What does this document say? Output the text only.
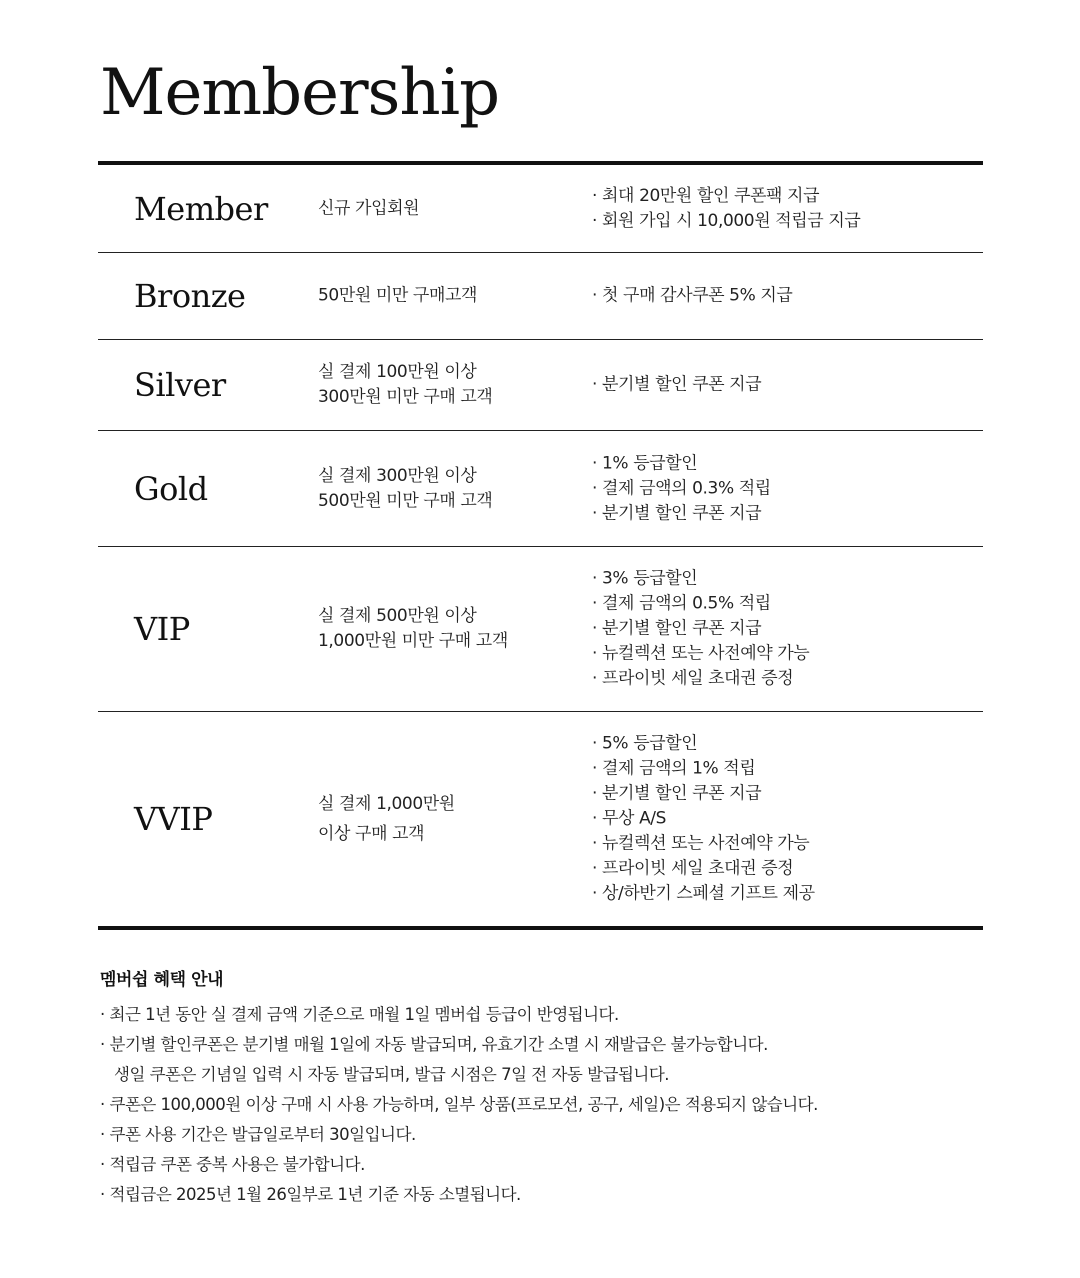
Membership
Member	신규 가입회원
· 최대 20만원 할인 쿠폰팩 지급
· 회원 가입 시 10,000원 적립금 지급
Bronze	50만원 미만 구매고객
·	첫 구매 감사쿠폰 5% 지급
Silver	실 결제 100만원 이상
300만원 미만 구매 고객
· 분기별 할인 쿠폰 지급
Gold	실 결제 300만원 이상
500만원 미만 구매 고객
· 1% 등급할인
· 결제 금액의 0.3% 적립
· 분기별 할인 쿠폰 지급
VIP	실 결제 500만원 이상
1,000만원 미만 구매 고객
· 3% 등급할인
· 결제 금액의 0.5% 적립
· 분기별 할인 쿠폰 지급
· 뉴컬렉션 또는 사전예약 가능
· 프라이빗 세일 초대권 증정
VVIP	실 결제 1,000만원
이상 구매 고객
· 5% 등급할인
· 결제 금액의 1% 적립
· 분기별 할인 쿠폰 지급
· 무상 A/S
· 뉴컬렉션 또는 사전예약 가능
· 프라이빗 세일 초대권 증정
· 상/하반기 스페셜 기프트 제공
멤버쉽 혜택 안내
· 최근 1년 동안 실 결제 금액 기준으로 매월 1일 멤버쉽 등급이 반영됩니다.
· 분기별 할인쿠폰은 분기별 매월 1일에 자동 발급되며, 유효기간 소멸 시 재발급은 불가능합니다.
생일 쿠폰은 기념일 입력 시 자동 발급되며, 발급 시점은 7일 전 자동 발급됩니다.
· 쿠폰은 100,000원 이상 구매 시 사용 가능하며, 일부 상품(프로모션, 공구, 세일)은 적용되지 않습니다.
· 쿠폰 사용 기간은 발급일로부터 30일입니다.
· 적립금 쿠폰 중복 사용은 불가합니다.
· 적립금은 2025년 1월 26일부로 1년 기준 자동 소멸됩니다.
